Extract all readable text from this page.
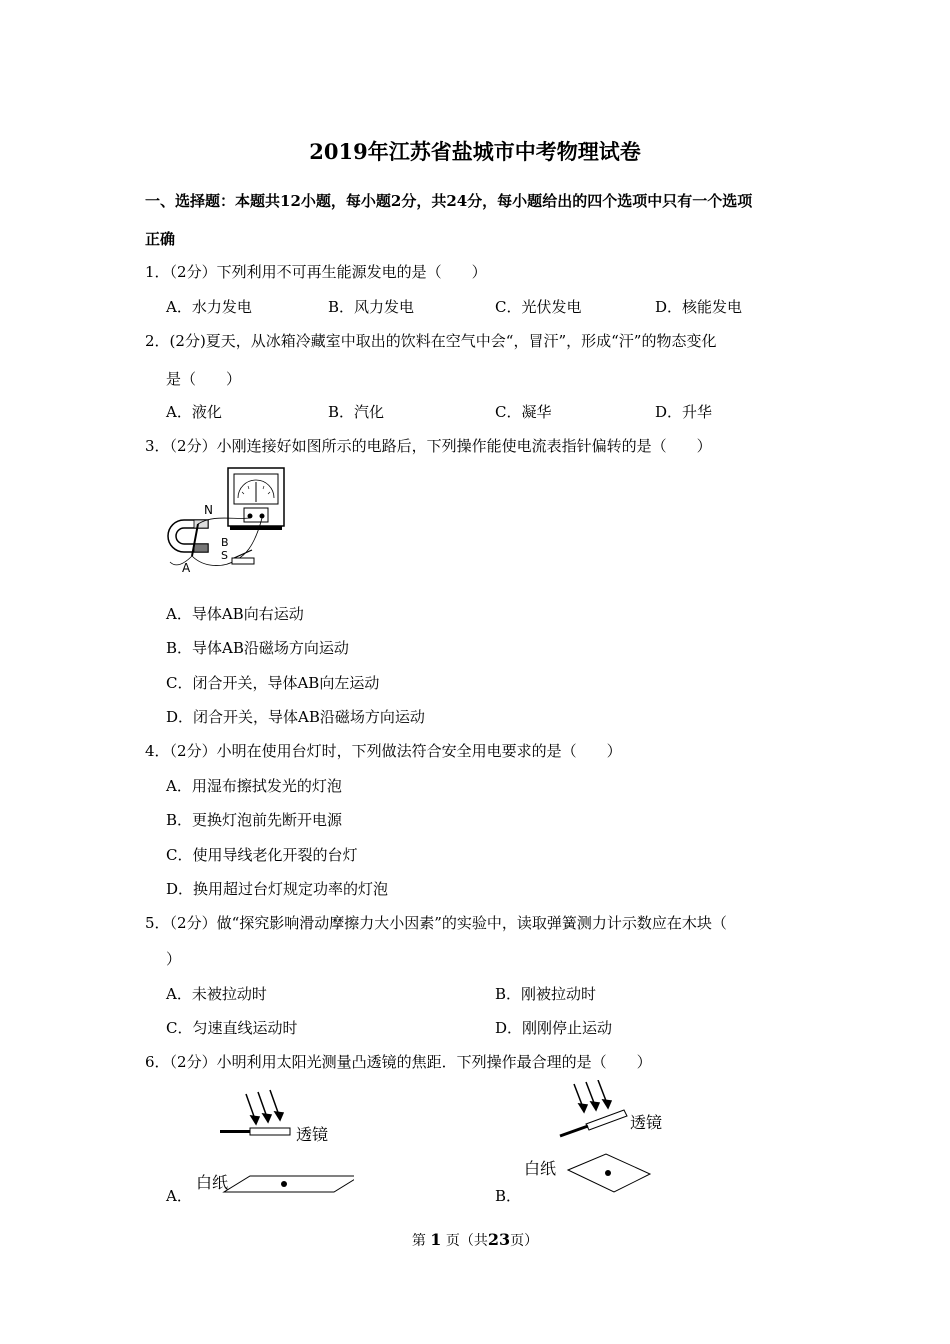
2019年江苏省盐城市中考物理试卷
一、选择题：本题共12小题，每小题2分，共24分，每小题给出的四个选项中只有一个选项
正确
1．（2分）下列利用不可再生能源发电的是（　　）
A．水力发电	B．风力发电	C．光伏发电	D．核能发电
2．(2分)夏天，从冰箱冷藏室中取出的饮料在空气中会“，冒汗”，形成“汗”的物态变化
是（　　）
A．液化	B．汽化	C．凝华	D．升华
3．（2分）小刚连接好如图所示的电路后，下列操作能使电流表指针偏转的是（　　）
N
B
S
A
A．导体AB向右运动
B．导体AB沿磁场方向运动
C．闭合开关，导体AB向左运动
D．闭合开关，导体AB沿磁场方向运动
4．（2分）小明在使用台灯时，下列做法符合安全用电要求的是（　　）
A．用湿布擦拭发光的灯泡
B．更换灯泡前先断开电源
C．使用导线老化开裂的台灯
D．换用超过台灯规定功率的灯泡
5．（2分）做“探究影响滑动摩擦力大小因素”的实验中，读取弹簧测力计示数应在木块（
）
A．未被拉动时	B．刚被拉动时
C．匀速直线运动时	D．刚刚停止运动
6．（2分）小明利用太阳光测量凸透镜的焦距．下列操作最合理的是（　　）
透镜
白纸
A．
透镜
白纸
B．
第 1 页（共23页）
